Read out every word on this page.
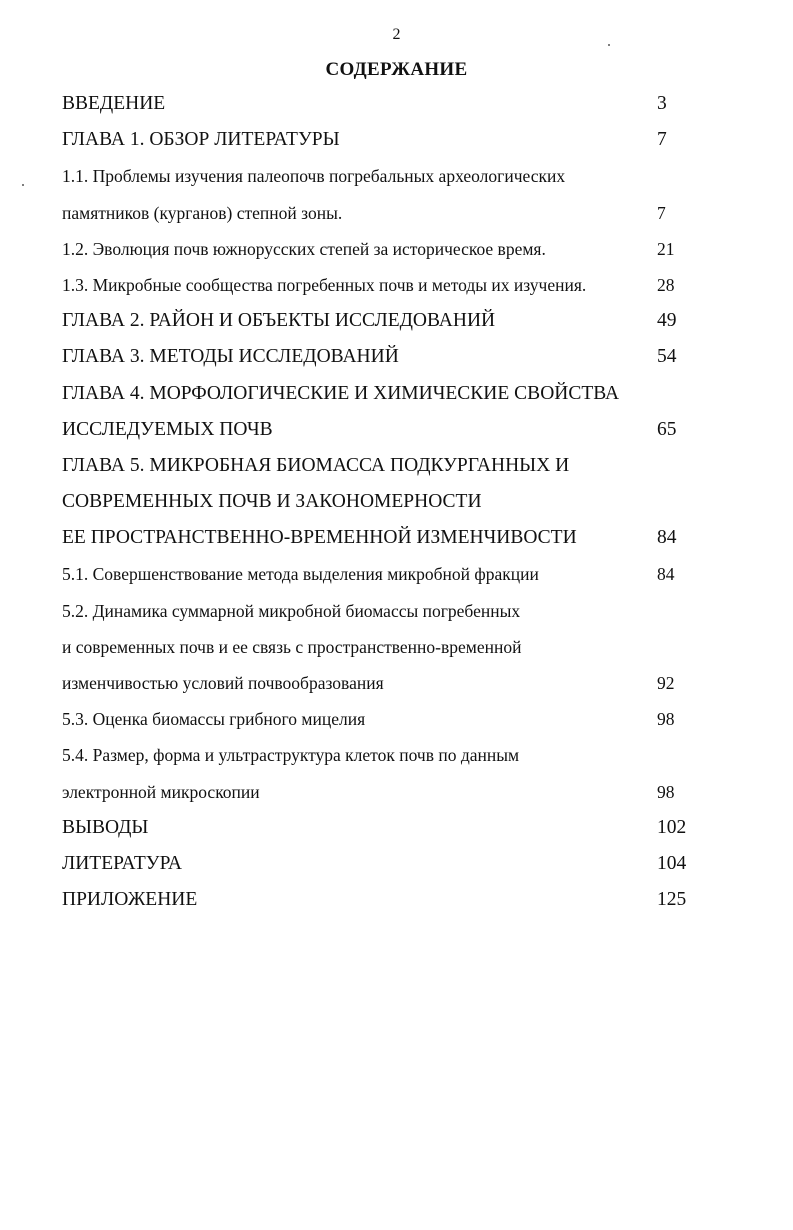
2
СОДЕРЖАНИЕ
ВВЕДЕНИЕ	3
ГЛАВА 1. ОБЗОР ЛИТЕРАТУРЫ	7
1.1. Проблемы изучения палеопочв погребальных археологических
памятников (курганов) степной зоны.	7
1.2. Эволюция почв южнорусских степей за историческое время.	21
1.3. Микробные сообщества погребенных почв и методы их изучения.	28
ГЛАВА 2. РАЙОН И ОБЪЕКТЫ ИССЛЕДОВАНИЙ	49
ГЛАВА 3. МЕТОДЫ ИССЛЕДОВАНИЙ	54
ГЛАВА 4. МОРФОЛОГИЧЕСКИЕ И ХИМИЧЕСКИЕ СВОЙСТВА
ИССЛЕДУЕМЫХ ПОЧВ	65
ГЛАВА 5. МИКРОБНАЯ БИОМАССА ПОДКУРГАННЫХ И
СОВРЕМЕННЫХ ПОЧВ И ЗАКОНОМЕРНОСТИ
ЕЕ ПРОСТРАНСТВЕННО-ВРЕМЕННОЙ ИЗМЕНЧИВОСТИ	84
5.1. Совершенствование метода выделения микробной фракции	84
5.2. Динамика суммарной микробной биомассы погребенных
и современных почв и ее связь с пространственно-временной
изменчивостью условий почвообразования	92
5.3. Оценка биомассы грибного мицелия	98
5.4. Размер, форма и ультраструктура клеток почв по данным
электронной микроскопии	98
ВЫВОДЫ	102
ЛИТЕРАТУРА	104
ПРИЛОЖЕНИЕ	125
